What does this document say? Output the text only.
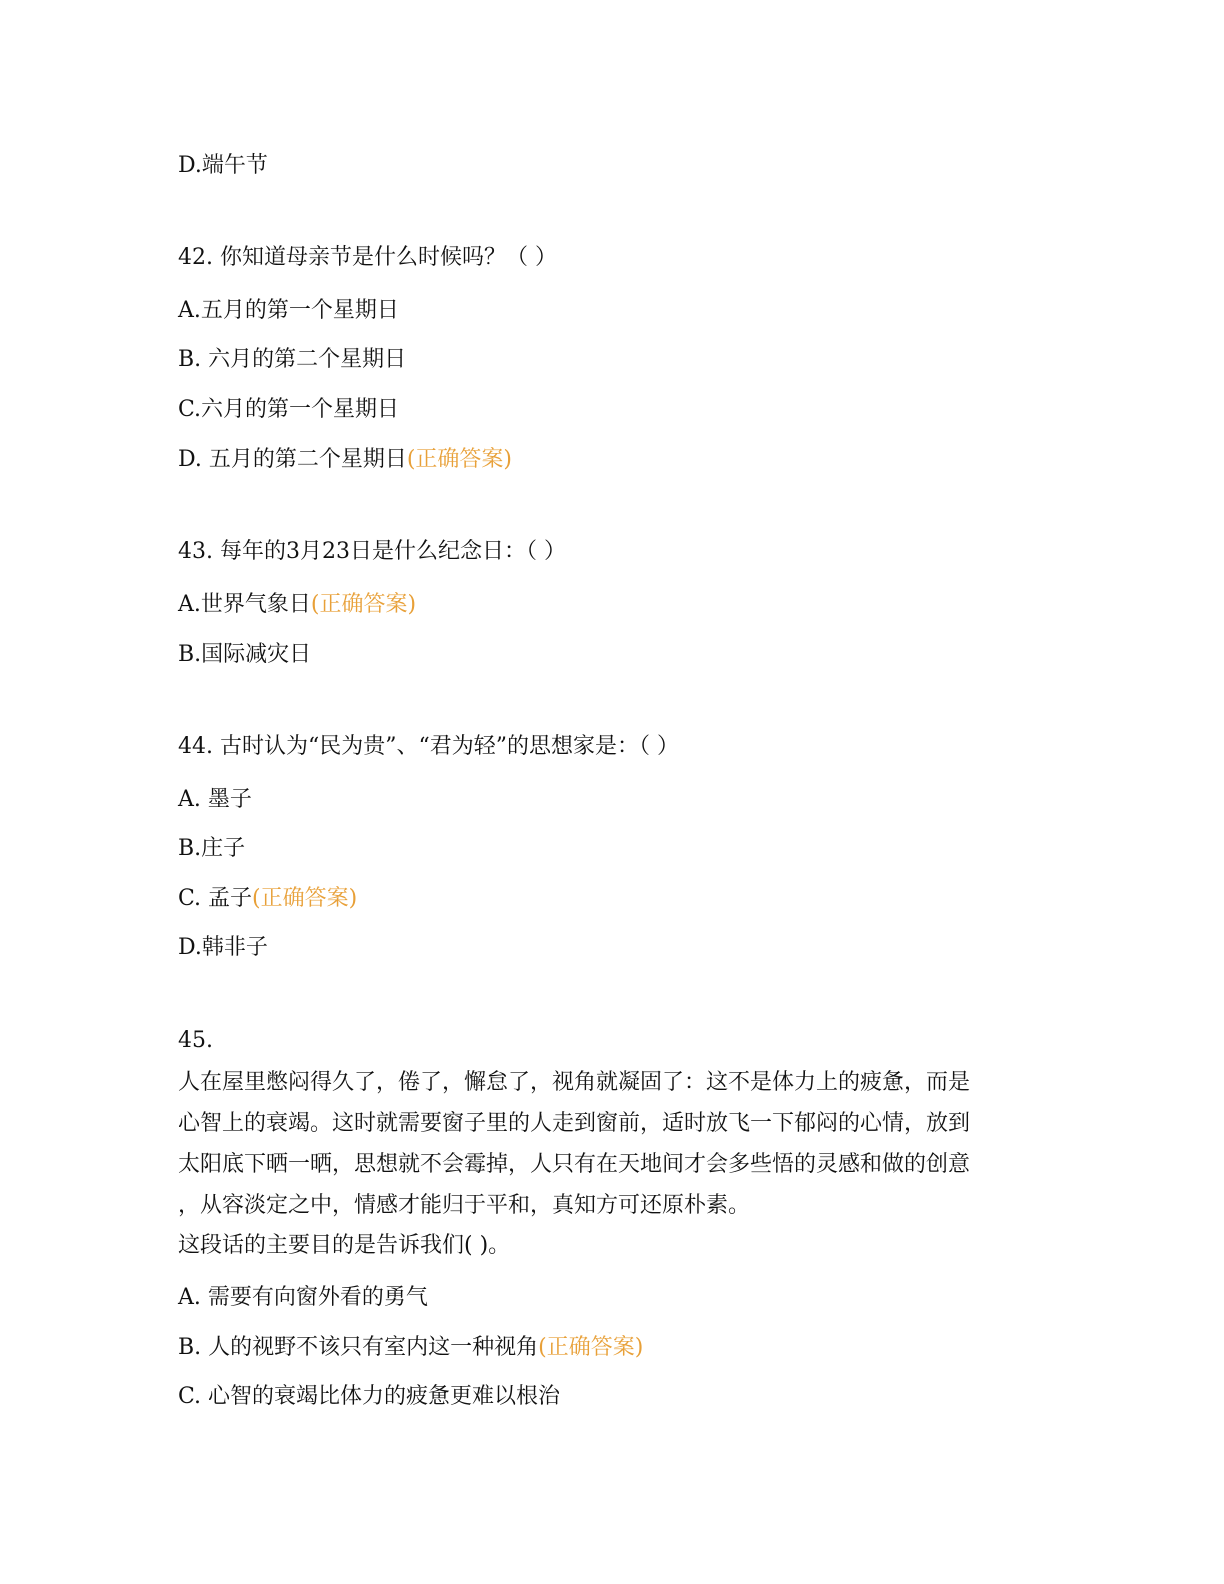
D.端午节
42. 你知道母亲节是什么时候吗？（ ）
A.五月的第一个星期日
B. 六月的第二个星期日
C.六月的第一个星期日
D. 五月的第二个星期日(正确答案)
43. 每年的3月23日是什么纪念日：（ ）
A.世界气象日(正确答案)
B.国际减灾日
44. 古时认为“民为贵”、“君为轻”的思想家是：（ ）
A. 墨子
B.庄子
C. 孟子(正确答案)
D.韩非子
45.
人在屋里憋闷得久了，倦了，懈怠了，视角就凝固了：这不是体力上的疲惫，而是
心智上的衰竭。这时就需要窗子里的人走到窗前，适时放飞一下郁闷的心情，放到
太阳底下晒一晒，思想就不会霉掉，人只有在天地间才会多些悟的灵感和做的创意
，从容淡定之中，情感才能归于平和，真知方可还原朴素。
这段话的主要目的是告诉我们( )。
A. 需要有向窗外看的勇气
B. 人的视野不该只有室内这一种视角(正确答案)
C. 心智的衰竭比体力的疲惫更难以根治
